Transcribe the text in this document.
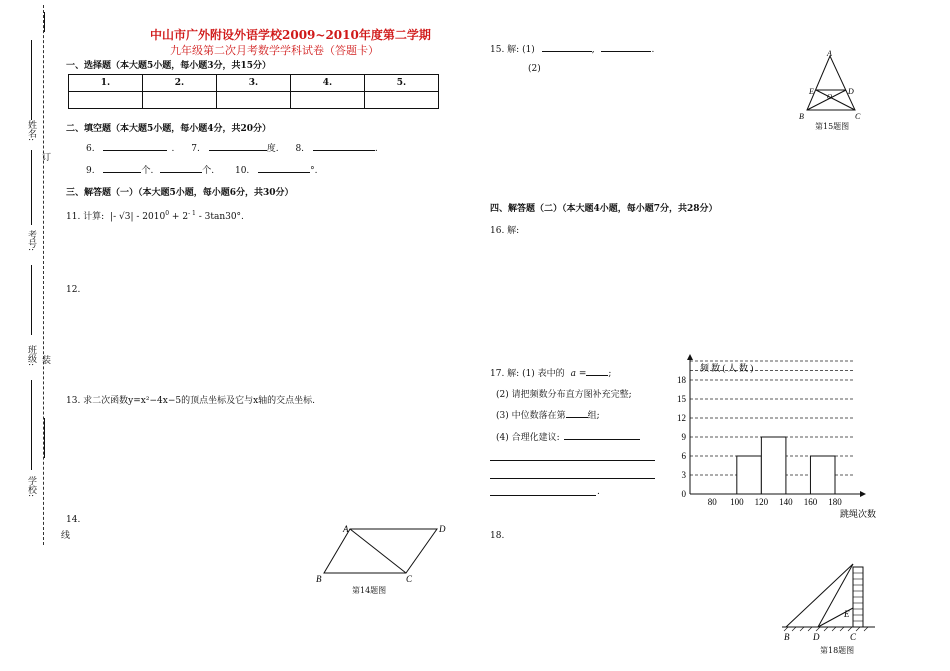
姓名:
考号:
班级:
学校:
订
装
线
中山市广外附设外语学校2009~2010年度第二学期
九年级第二次月考数学学科试卷（答题卡）
一、选择题（本大题5小题，每小题3分，共15分）
1.	2.	3.	4.	5.

二、填空题（本大题5小题，每小题4分，共20分）
6.	. 7.	度. 8.	.
9.	个.	个. 10.	°.
三、解答题（一）（本大题5小题，每小题6分，共30分）
11. 计算: |- $√3| - 2010^0 + 2^{- 1} - 3\tan 30^\circ$.
12.
13. 求二次函数y=x²−4x−5的顶点坐标及它与x轴的交点坐标.
14.
A	D
B	C
第14题图
15. 解: (1)	,	.
(2)
A
E
O
D
B	C
第15题图
四、解答题（二）（本大题4小题，每小题7分，共28分）
16. 解:
17. 解: (1) 表中的 a = ;
(2) 请把频数分布直方图补充完整;
(3) 中位数落在第 组;
(4) 合理化建议:
.	0
3
6
9
12
15
18
80 100 120 140 160 180
频 数 ( 人 数 )
跳绳次数
18.
B	D	C
E
第18题图
